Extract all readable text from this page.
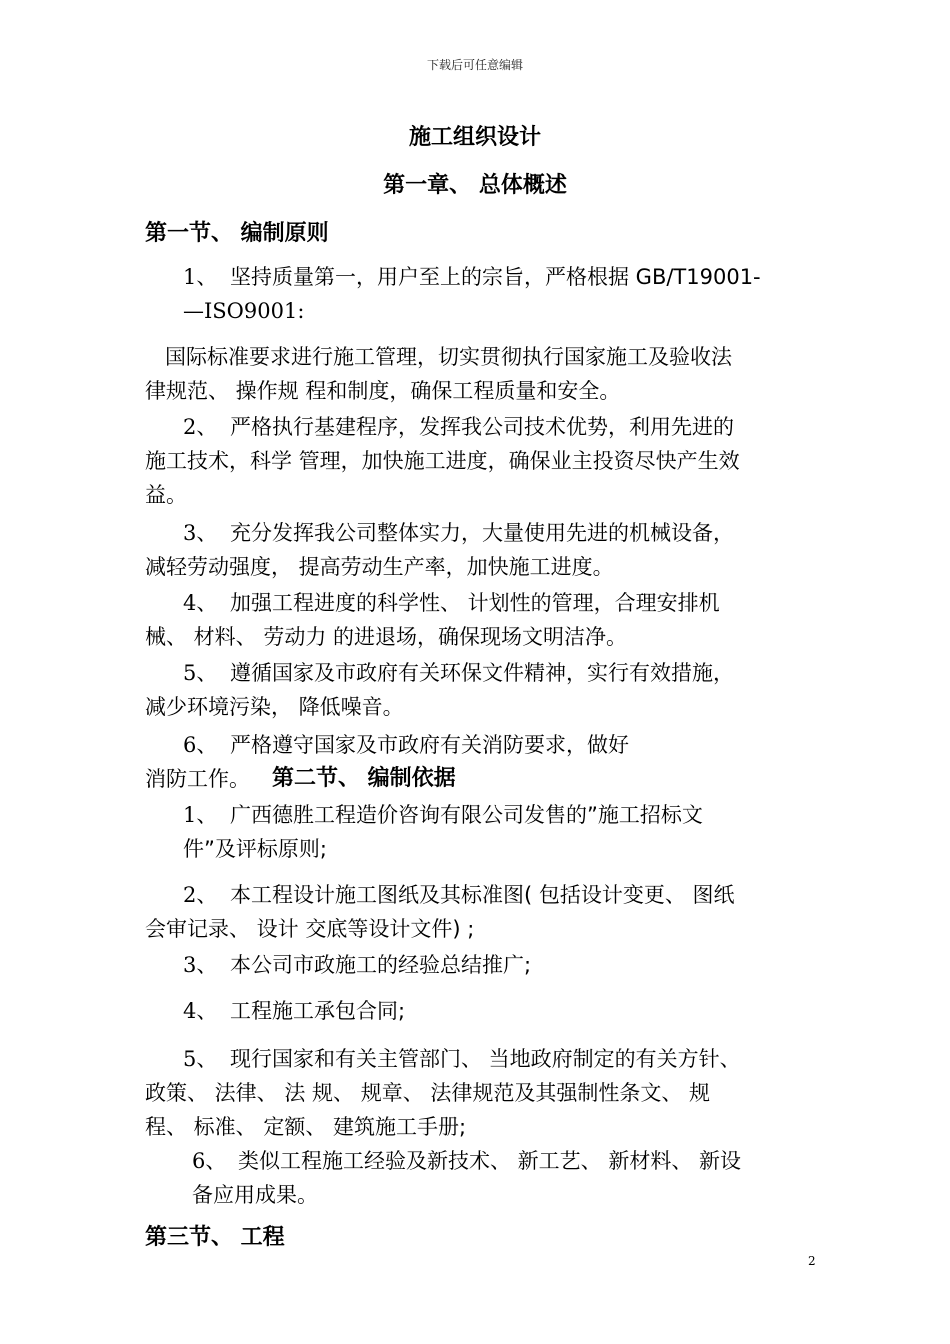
下载后可任意编辑
施工组织设计
第一章、 总体概述
第一节、 编制原则
1、 坚持质量第一，用户至上的宗旨，严格根据 GB/T19001-
—ISO9001:
国际标准要求进行施工管理，切实贯彻执行国家施工及验收法
律规范、 操作规 程和制度，确保工程质量和安全。
2、 严格执行基建程序，发挥我公司技术优势，利用先进的
施工技术，科学 管理，加快施工进度，确保业主投资尽快产生效
益。
3、 充分发挥我公司整体实力，大量使用先进的机械设备，
减轻劳动强度， 提高劳动生产率，加快施工进度。
4、 加强工程进度的科学性、 计划性的管理，合理安排机
械、 材料、 劳动力 的进退场，确保现场文明洁净。
5、 遵循国家及市政府有关环保文件精神，实行有效措施，
减少环境污染， 降低噪音。
6、 严格遵守国家及市政府有关消防要求，做好
消防工作。 第二节、 编制依据
1、 广西德胜工程造价咨询有限公司发售的”施工招标文
件”及评标原则;
2、 本工程设计施工图纸及其标准图( 包括设计变更、 图纸
会审记录、 设计 交底等设计文件) ;
3、 本公司市政施工的经验总结推广;
4、 工程施工承包合同;
5、 现行国家和有关主管部门、 当地政府制定的有关方针、
政策、 法律、 法 规、 规章、 法律规范及其强制性条文、 规
程、 标准、 定额、 建筑施工手册;
6、 类似工程施工经验及新技术、 新工艺、 新材料、 新设
备应用成果。
第三节、 工程
2
